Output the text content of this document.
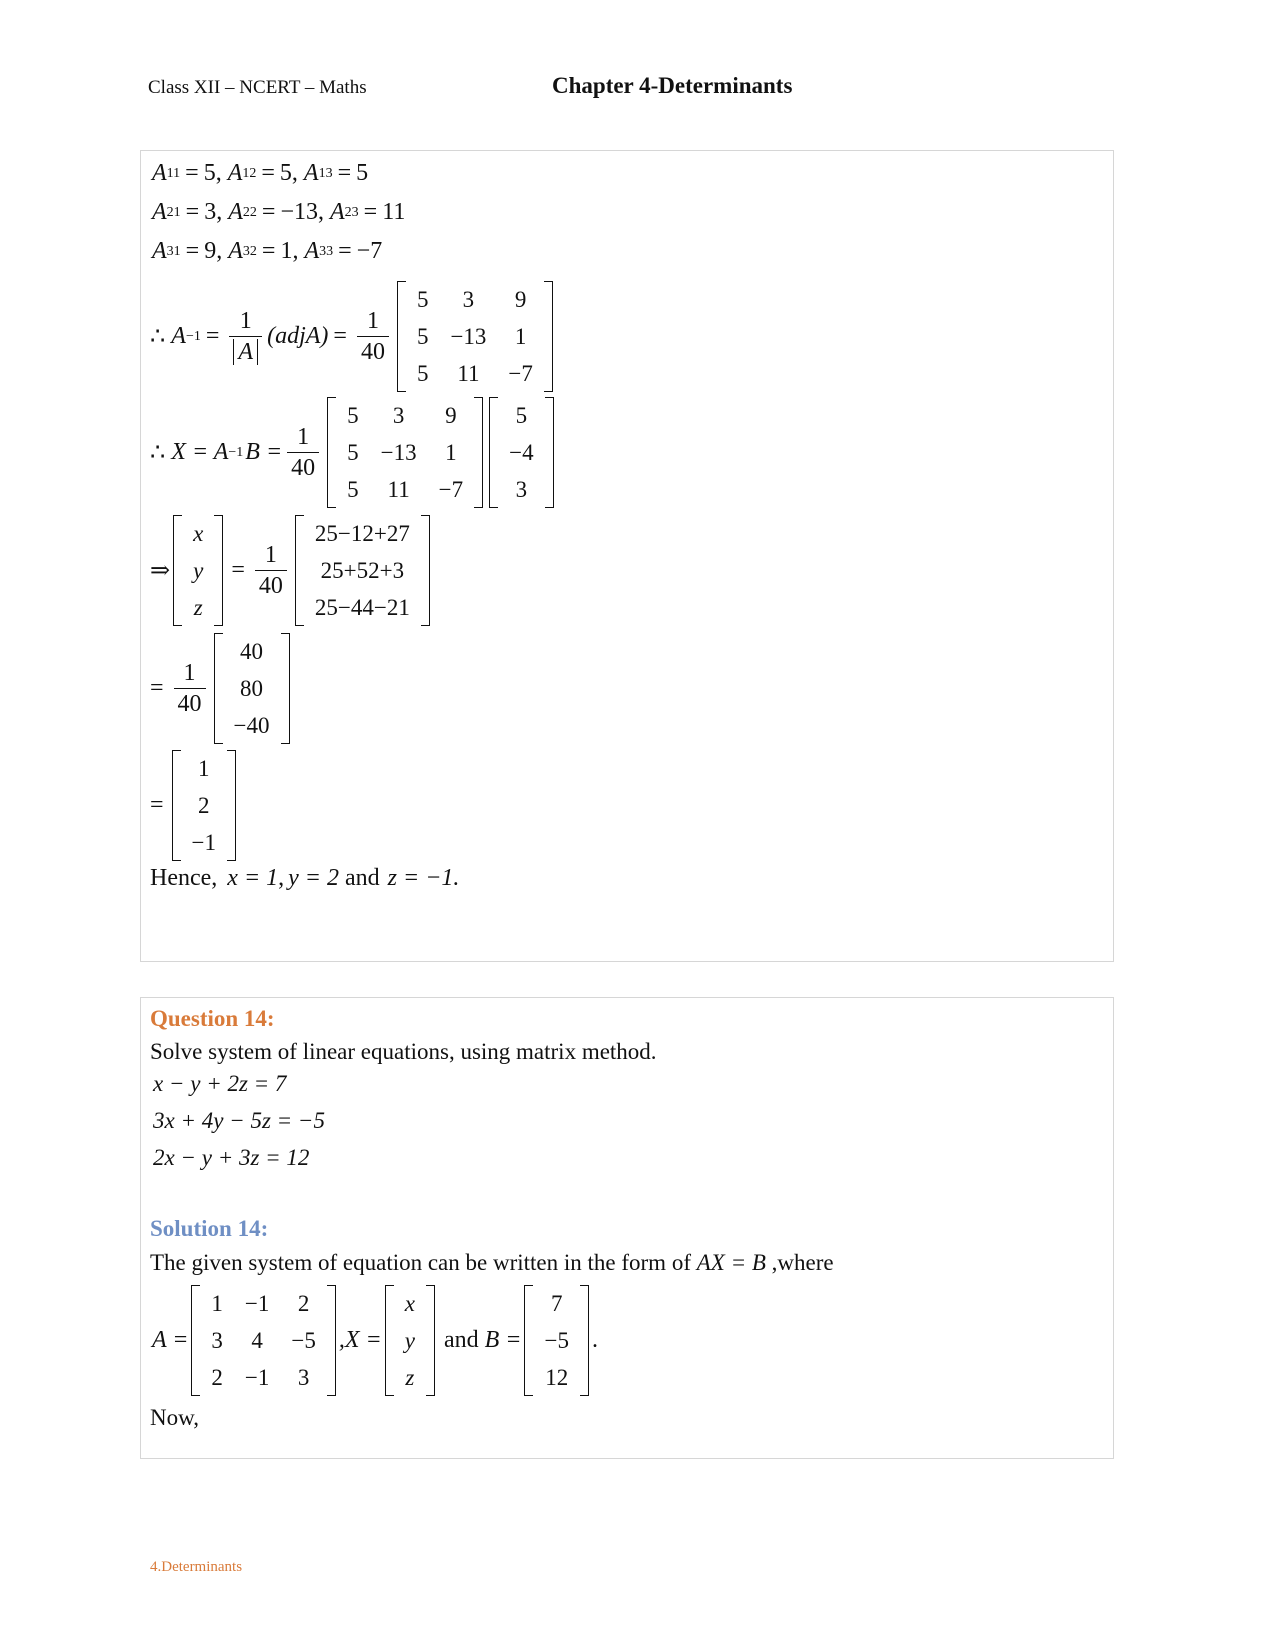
Class XII – NCERT – Maths	Chapter 4-Determinants
A 11 = 5, A 12 = 5, A 13 = 5
A 21 = 3, A 22 = −13, A 23 = 11
A 31 = 9, A 32 = 1, A 33 = −7
∴ $A -1 = \frac{1}{A}$ (adjA) = $\frac{1}{40}$
5	3	9
5	−13	1
5	11	−7
∴ X = A −1 $B = \frac{1}{40}$
5	3	9
5	−13	1
5	11	−7
5
−4
3
⇒
x
y
z
= $\frac{1}{40}$
25−12+27
25+52+3
25−44−21
= $\frac{1}{40}$
40
80
−40
=
1
2
−1
Hence, x = 1 , y = 2 and z = −1.
Question 14:
Solve system of linear equations, using matrix method.
x − y + 2z = 7
3x + 4y − 5z = −5
2x − y + 3z = 12
Solution 14:
The given system of equation can be written in the form of AX = B ,where
A =
1	−1	2
3	4	−5
2	−1	3
,X =
x
y
z
and B =
7
−5
12
.
Now,
4.Determinants
